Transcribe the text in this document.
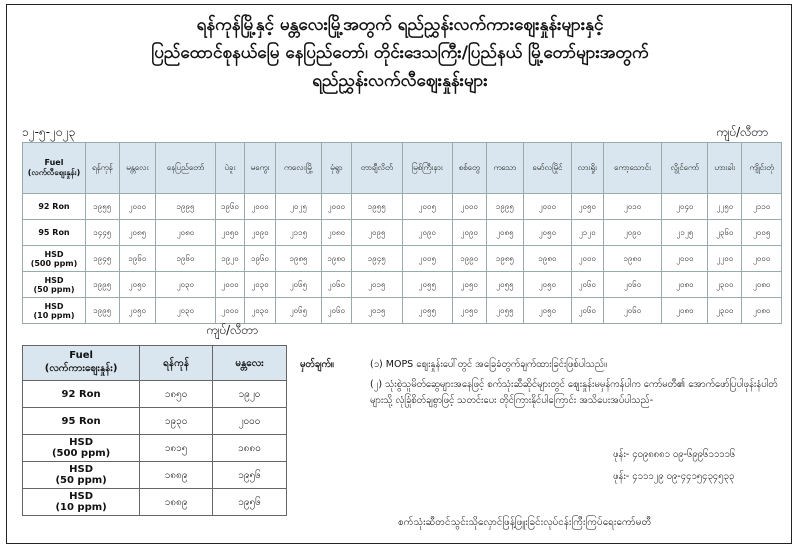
ရန်ကုန်မြို့နှင့် မန္တလေးမြို့အတွက် ရည်ညွှန်းလက်ကားဈေးနှုန်းများနှင့်
ပြည်ထောင်စုနယ်မြေ နေပြည်တော်၊ တိုင်းဒေသကြီး/ပြည်နယ် မြို့တော်များအတွက်
ရည်ညွှန်းလက်လီဈေးနှုန်းများ
၁၂-၅-၂၀၂၃	ကျပ်/လီတာ
Fuel
(လက်လီဈေးနှုန်း)	ရန်ကုန်	မန္တလေး	နေပြည်တော်	ပဲခူး	မကွေး	ကလေးမြို့	မုံရွာ	တာချီလိတ်	မြစ်ကြီးနား	စစ်တွေ	ကသော	မော်လမြိုင်	လားရှိုး	ကော့သောင်း	လွိုင်ကော်	ဟားခါး	ကျိုင်းတုံ
92 Ron	၁၉၅၅	၂၀၀၀	၁၉၉၅	၁၉၆၀	၂၀၀၀	၂၀၂၅	၂၀၀၀	၁၉၅၅	၂၀၀၅	၂၀၀၀	၁၉၉၅	၂၀၀၀	၂၀၅၀	၂၀၁၀	၂၀၄၀	၂၂၅၀	၂၁၁၀
95 Ron	၁၄၄၅	၂၀၈၅	၂၀၈၀	၂၀၅၀	၂၀၉၀	၂၁၁၅	၂၀၈၀	၂၀၉၅	၂၀၉၀	၂၀၉၀	၂၀၈၅	၂၀၅၀	၂၁၂၀	၂၀၉၀	၂၁၂၅	၂၃၆၀	၂၀၀၅
HSD
(500 ppm)	၁၉၄၅	၁၉၆၀	၁၉၆၀	၁၉၂၀	၁၉၆၀	၁၉၈၅	၁၉၈၀	၁၉၄၅	၂၀၀၅	၁၉၉၀	၁၉၈၅	၁၉၈၀	၂၀၀၀	၁၉၈၀	၂၀၀၀	၂၂၀၀	၂၀၀၀
HSD
(50 ppm)	၁၉၉၅	၂၀၅၀	၂၀၃၀	၂၀၀၀	၂၀၃၀	၂၀၆၅	၂၀၆၀	၂၀၁၅	၂၀၅၅	၂၀၅၀	၂၀၅၅	၂၀၅၀	၂၀၆၀	၂၀၆၀	၂၀၈၀	၂၃၀၀	၂၀၈၀
HSD
(10 ppm)	၁၉၉၅	၂၀၅၀	၂၀၃၀	၂၀၀၀	၂၀၃၀	၂၀၆၅	၂၀၆၀	၂၀၁၅	၂၀၅၅	၂၀၅၀	၂၀၅၅	၂၀၅၀	၂၀၆၀	၂၀၆၀	၂၀၈၀	၂၃၀၀	၂၀၈၀
ကျပ်/လီတာ
Fuel
(လက်ကားဈေးနှုန်း)	ရန်ကုန်	မန္တလေး
92 Ron	၁၈၅၀	၁၉၂၀
95 Ron	၁၉၃၀	၂၀၀၀
HSD
(500 ppm)	၁၈၁၅	၁၈၈၀
HSD
(50 ppm)	၁၈၈၉	၁၉၅၆
HSD
(10 ppm)	၁၈၈၉	၁၉၅၆
မှတ်ချက်။	(၁) MOPS ဈေးနှုန်းပေါ်တွင် အခြေခံတွက်ချက်ထားခြင်းဖြစ်ပါသည်။
(၂) သုံးစွဲသူမိတ်ဆွေများအနေဖြင့် စက်သုံးဆီဆိုင်များတွင် ဈေးနှုန်းမမှန်ကန်ပါက ကော်မတီ၏ အောက်ဖော်ပြပါဖုန်းနံပါတ်များသို့ လုံခြုံစိတ်ချစွာဖြင့် သတင်းပေး တိုင်ကြားနိုင်ပါကြောင်း အသိပေးအပ်ပါသည်-
ဖုန်း- ၄၀၉၈၈၈၁ ၀၉-၆၉၉၆၁၁၁၁၆
ဖုန်း- ၄၁၁၁၂၉ ၀၉-၄၄၁၅၄၃၄၅၃၃
စက်သုံးဆီတင်သွင်းသိုလှောင်ဖြန့်ဖြူးခြင်းလုပ်ငန်းကြီးကြပ်ရေးကော်မတီ
